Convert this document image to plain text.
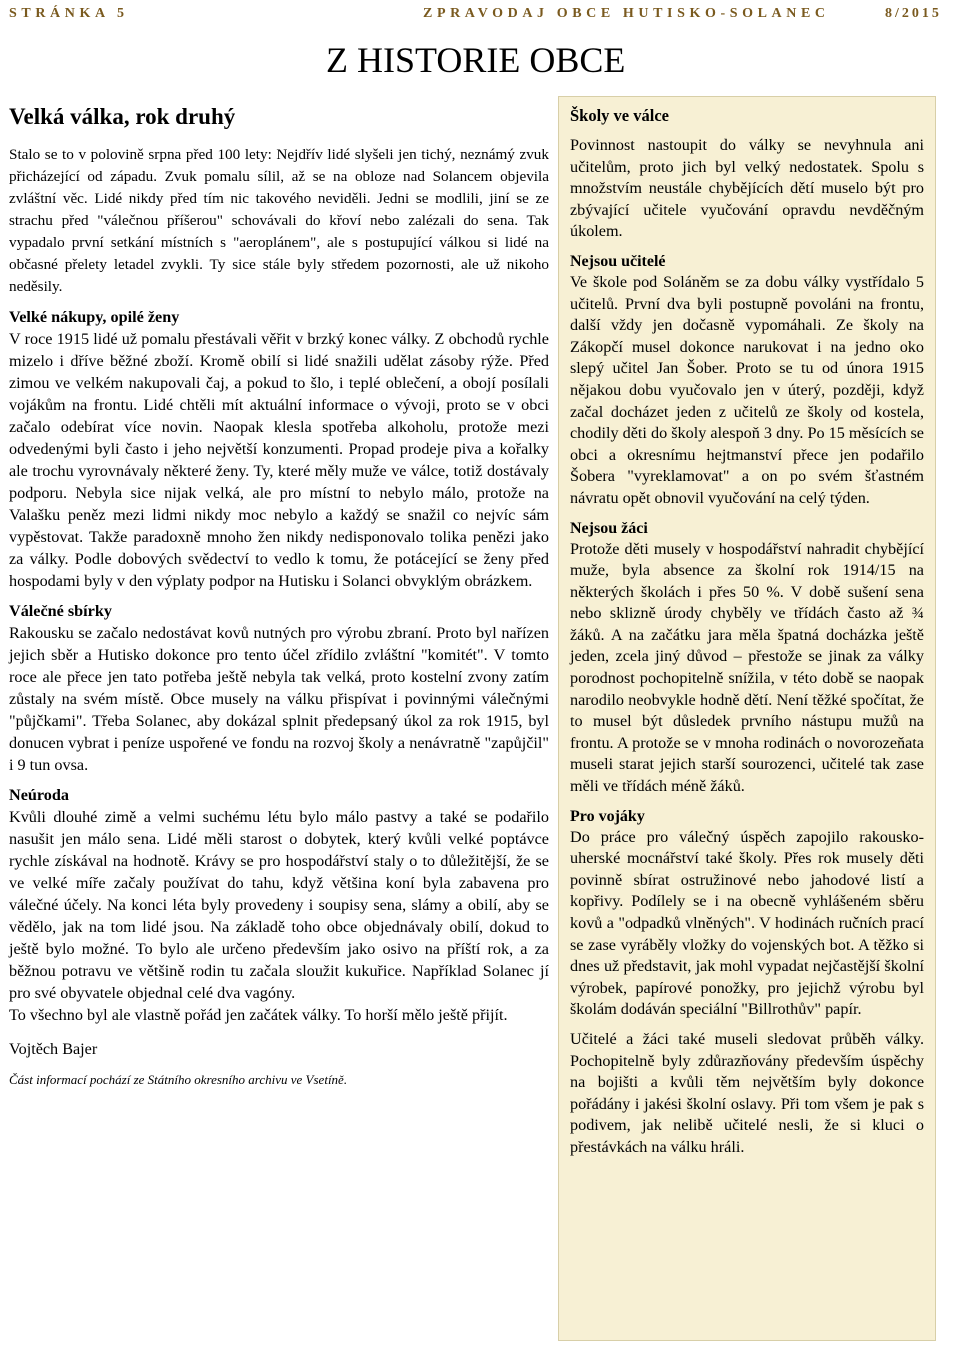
STRÁNKA 5	ZPRAVODAJ OBCE HUTISKO-SOLANEC	8/2015
Z HISTORIE OBCE
Velká válka, rok druhý

Stalo se to v polovině srpna před 100 lety: Nejdřív lidé slyšeli jen tichý, neznámý zvuk přicházející od západu. Zvuk pomalu sílil, až se na obloze nad Solancem objevila zvláštní věc. Lidé nikdy před tím nic takového neviděli. Jedni se modlili, jiní se ze strachu před "válečnou příšerou" schovávali do křoví nebo zalézali do sena. Tak vypadalo první setkání místních s "aeroplánem", ale s postupující válkou si lidé na občasné přelety letadel zvykli. Ty sice stále byly středem pozornosti, ale už nikoho neděsily.

Velké nákupy, opilé ženy

V roce 1915 lidé už pomalu přestávali věřit v brzký konec války. Z obchodů rychle mizelo i dříve běžné zboží. Kromě obilí si lidé snažili udělat zásoby rýže. Před zimou ve velkém nakupovali čaj, a pokud to šlo, i teplé oblečení, a obojí posílali vojákům na frontu. Lidé chtěli mít aktuální informace o vývoji, proto se v obci začalo odebírat více novin. Naopak klesla spotřeba alkoholu, protože mezi odvedenými byli často i jeho největší konzumenti. Propad prodeje piva a kořalky ale trochu vyrovnávaly některé ženy. Ty, které měly muže ve válce, totiž dostávaly podporu. Nebyla sice nijak velká, ale pro místní to nebylo málo, protože na Valašku peněz mezi lidmi nikdy moc nebylo a každý se snažil co nejvíc sám vypěstovat. Takže paradoxně mnoho žen nikdy nedisponovalo tolika penězi jako za války. Podle dobových svědectví to vedlo k tomu, že potácející se ženy před hospodami byly v den výplaty podpor na Hutisku i Solanci obvyklým obrázkem.

Válečné sbírky

Rakousku se začalo nedostávat kovů nutných pro výrobu zbraní. Proto byl nařízen jejich sběr a Hutisko dokonce pro tento účel zřídilo zvláštní "komitét". V tomto roce ale přece jen tato potřeba ještě nebyla tak velká, proto kostelní zvony zatím zůstaly na svém místě. Obce musely na válku přispívat i povinnými válečnými "půjčkami". Třeba Solanec, aby dokázal splnit předepsaný úkol za rok 1915, byl donucen vybrat i peníze uspořené ve fondu na rozvoj školy a nenávratně "zapůjčil" i 9 tun ovsa.

Neúroda

Kvůli dlouhé zimě a velmi suchému létu bylo málo pastvy a také se podařilo nasušit jen málo sena. Lidé měli starost o dobytek, který kvůli velké poptávce rychle získával na hodnotě. Krávy se pro hospodářství staly o to důležitější, že se ve velké míře začaly používat do tahu, když většina koní byla zabavena pro válečné účely. Na konci léta byly provedeny i soupisy sena, slámy a obilí, aby se vědělo, jak na tom lidé jsou. Na základě toho obce objednávaly obilí, dokud to ještě bylo možné. To bylo ale určeno především jako osivo na příští rok, a za běžnou potravu ve většině rodin tu začala sloužit kukuřice. Například Solanec jí pro své obyvatele objednal celé dva vagóny.

To všechno byl ale vlastně pořád jen začátek války. To horší mělo ještě přijít.

Vojtěch Bajer

Část informací pochází ze Státního okresního archivu ve Vsetíně.

Školy ve válce

Povinnost nastoupit do války se nevyhnula ani učitelům, proto jich byl velký nedostatek. Spolu s množstvím neustále chybějících dětí muselo být pro zbývající učitele vyučování opravdu nevděčným úkolem.

Nejsou učitelé

Ve škole pod Soláněm se za dobu války vystřídalo 5 učitelů. První dva byli postupně povoláni na frontu, další vždy jen dočasně vypomáhali. Ze školy na Zákopčí musel dokonce narukovat i na jedno oko slepý učitel Jan Šober. Proto se tu od února 1915 nějakou dobu vyučovalo jen v úterý, později, když začal docházet jeden z učitelů ze školy od kostela, chodily děti do školy alespoň 3 dny. Po 15 měsících se obci a okresnímu hejtmanství přece jen podařilo Šobera "vyreklamovat" a on po svém šťastném návratu opět obnovil vyučování na celý týden.

Nejsou žáci

Protože děti musely v hospodářství nahradit chybějící muže, byla absence za školní rok 1914/15 na některých školách i přes 50 %. V době sušení sena nebo sklizně úrody chyběly ve třídách často až ¾ žáků. A na začátku jara měla špatná docházka ještě jeden, zcela jiný důvod – přestože se jinak za války porodnost pochopitelně snížila, v této době se naopak narodilo neobvykle hodně dětí. Není těžké spočítat, že to musel být důsledek prvního nástupu mužů na frontu. A protože se v mnoha rodinách o novorozeňata museli starat jejich starší sourozenci, učitelé tak zase měli ve třídách méně žáků.

Pro vojáky

Do práce pro válečný úspěch zapojilo rakousko-uherské mocnářství také školy. Přes rok musely děti povinně sbírat ostružinové nebo jahodové listí a kopřivy. Podílely se i na obecně vyhlášeném sběru kovů a "odpadků vlněných". V hodinách ručních prací se zase vyráběly vložky do vojenských bot. A těžko si dnes už představit, jak mohl vypadat nejčastější školní výrobek, papírové ponožky, pro jejichž výrobu byl školám dodáván speciální "Billrothův" papír.

Učitelé a žáci také museli sledovat průběh války. Pochopitelně byly zdůrazňovány především úspěchy na bojišti a kvůli těm největším byly dokonce pořádány i jakési školní oslavy. Při tom všem je pak s podivem, jak nelibě učitelé nesli, že si kluci o přestávkách na válku hráli.
